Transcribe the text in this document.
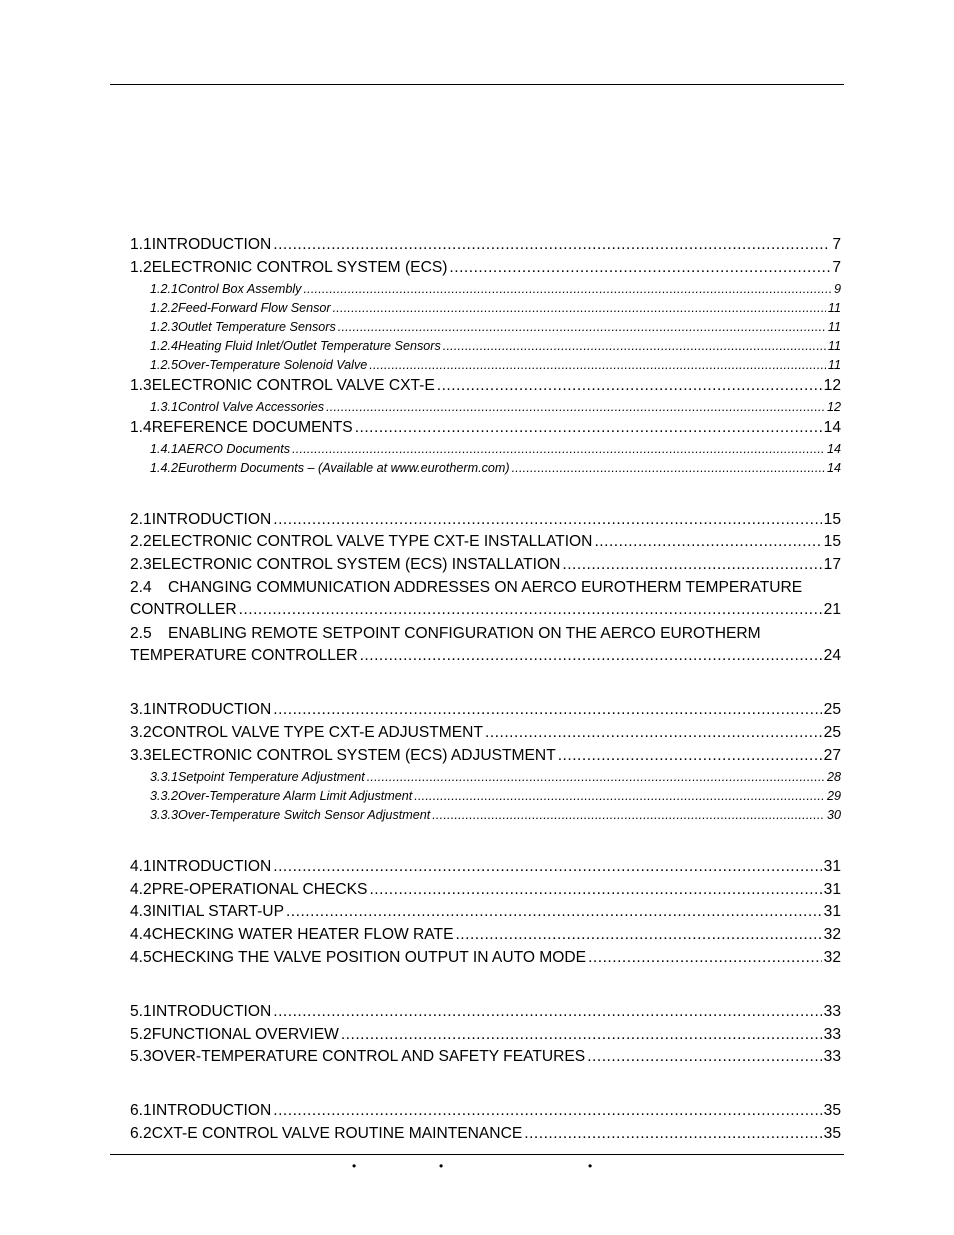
1.1 INTRODUCTION .....	7
1.2 ELECTRONIC CONTROL SYSTEM (ECS) .....	7
1.2.1 Control Box Assembly .....	9
1.2.2 Feed-Forward Flow Sensor .....	11
1.2.3 Outlet Temperature Sensors .....	11
1.2.4 Heating Fluid Inlet/Outlet Temperature Sensors .....	11
1.2.5 Over-Temperature Solenoid Valve .....	11
1.3 ELECTRONIC CONTROL VALVE CXT-E .....	12
1.3.1 Control Valve Accessories .....	12
1.4 REFERENCE DOCUMENTS .....	14
1.4.1 AERCO Documents .....	14
1.4.2 Eurotherm Documents – (Available at www.eurotherm.com) .....	14
2.1 INTRODUCTION .....	15
2.2 ELECTRONIC CONTROL VALVE TYPE CXT-E INSTALLATION .....	15
2.3 ELECTRONIC CONTROL SYSTEM (ECS) INSTALLATION .....	17
2.4	CHANGING COMMUNICATION ADDRESSES ON AERCO EUROTHERM TEMPERATURE
CONTROLLER .....	21
2.5	ENABLING REMOTE SETPOINT CONFIGURATION ON THE AERCO EUROTHERM
TEMPERATURE CONTROLLER .....	24
3.1 INTRODUCTION .....	25
3.2 CONTROL VALVE TYPE CXT-E ADJUSTMENT .....	25
3.3 ELECTRONIC CONTROL SYSTEM (ECS) ADJUSTMENT .....	27
3.3.1 Setpoint Temperature Adjustment .....	28
3.3.2 Over-Temperature Alarm Limit Adjustment .....	29
3.3.3 Over-Temperature Switch Sensor Adjustment .....	30
4.1 INTRODUCTION .....	31
4.2 PRE-OPERATIONAL CHECKS .....	31
4.3 INITIAL START-UP .....	31
4.4 CHECKING WATER HEATER FLOW RATE .....	32
4.5 CHECKING THE VALVE POSITION OUTPUT IN AUTO MODE .....	32
5.1 INTRODUCTION .....	33
5.2 FUNCTIONAL OVERVIEW .....	33
5.3 OVER-TEMPERATURE CONTROL AND SAFETY FEATURES .....	33
6.1 INTRODUCTION .....	35
6.2 CXT-E CONTROL VALVE ROUTINE MAINTENANCE .....	35
•	•	•
